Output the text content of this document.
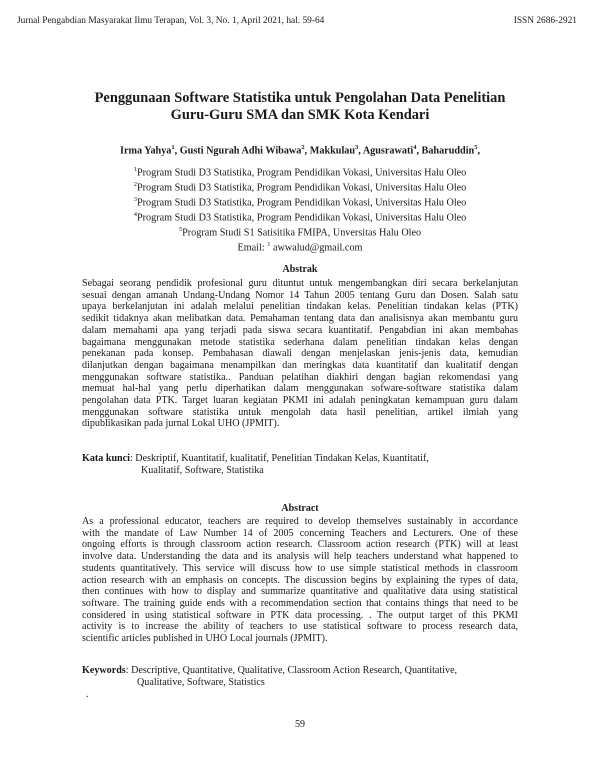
Jurnal Pengabdian Masyarakat Ilmu Terapan, Vol. 3, No. 1, April 2021, hal. 59-64	ISSN 2686-2921
Penggunaan Software Statistika untuk Pengolahan Data Penelitian
Guru-Guru SMA dan SMK Kota Kendari
Irma Yahya$^1$, Gusti Ngurah Adhi Wibawa$^2$, Makkulau$^3$, Agusrawati$^4$, Baharuddin$^5$,
$^1$Program Studi D3 Statistika, Program Pendidikan Vokasi, Universitas Halu Oleo
$^2$Program Studi D3 Statistika, Program Pendidikan Vokasi, Universitas Halu Oleo
$^3$Program Studi D3 Statistika, Program Pendidikan Vokasi, Universitas Halu Oleo
$^4$Program Studi D3 Statistika, Program Pendidikan Vokasi, Universitas Halu Oleo
$^5$Program Studi S1 Satisitika FMIPA, Unversitas Halu Oleo
Email: $^1$ awwalud@gmail.com
Abstrak
Sebagai seorang pendidik profesional guru dituntut untuk mengembangkan diri secara berkelanjutan
sesuai dengan amanah Undang-Undang Nomor 14 Tahun 2005 tentang Guru dan Dosen. Salah satu
upaya berkelanjutan ini adalah melalui penelitian tindakan kelas. Penelitian tindakan kelas (PTK)
sedikit tidaknya akan melibatkan data. Pemahaman tentang data dan analisisnya akan membantu guru
dalam memahami apa yang terjadi pada siswa secara kuantitatif. Pengabdian ini akan membahas
bagaimana menggunakan metode statistika sederhana dalam penelitian tindakan kelas dengan
penekanan pada konsep. Pembahasan diawali dengan menjelaskan jenis-jenis data, kemudian
dilanjutkan dengan bagaimana menampilkan dan meringkas data kuantitatif dan kualitatif dengan
menggunakan software statistika.. Panduan pelatihan diakhiri dengan bagian rekomendasi yang
memuat hal-hal yang perlu diperhatikan dalam menggunakan sofware-software statistika dalam
pengolahan data PTK. Target luaran kegiatan PKMI ini adalah peningkatan kemampuan guru dalam
menggunakan software statistika untuk mengolah data hasil penelitian, artikel ilmiah yang
dipublikasikan pada jurnal Lokal UHO (JPMIT).
Kata kunci: Deskriptif, Kuantitatif, kualitatif, Penelitian Tindakan Kelas, Kuantitatif,
Kualitatif, Software, Statistika
Abstract
As a professional educator, teachers are required to develop themselves sustainably in accordance
with the mandate of Law Number 14 of 2005 concerning Teachers and Lecturers. One of these
ongoing efforts is through classroom action research. Classroom action research (PTK) will at least
involve data. Understanding the data and its analysis will help teachers understand what happened to
students quantitatively. This service will discuss how to use simple statistical methods in classroom
action research with an emphasis on concepts. The discussion begins by explaining the types of data,
then continues with how to display and summarize quantitative and qualitative data using statistical
software. The training guide ends with a recommendation section that contains things that need to be
considered in using statistical software in PTK data processing. . The output target of this PKMI
activity is to increase the ability of teachers to use statistical software to process research data,
scientific articles published in UHO Local journals (JPMIT).
Keywords: Descriptive, Quantitative, Qualitative, Classroom Action Research, Quantitative,
Qualitative, Software, Statistics
.
59
